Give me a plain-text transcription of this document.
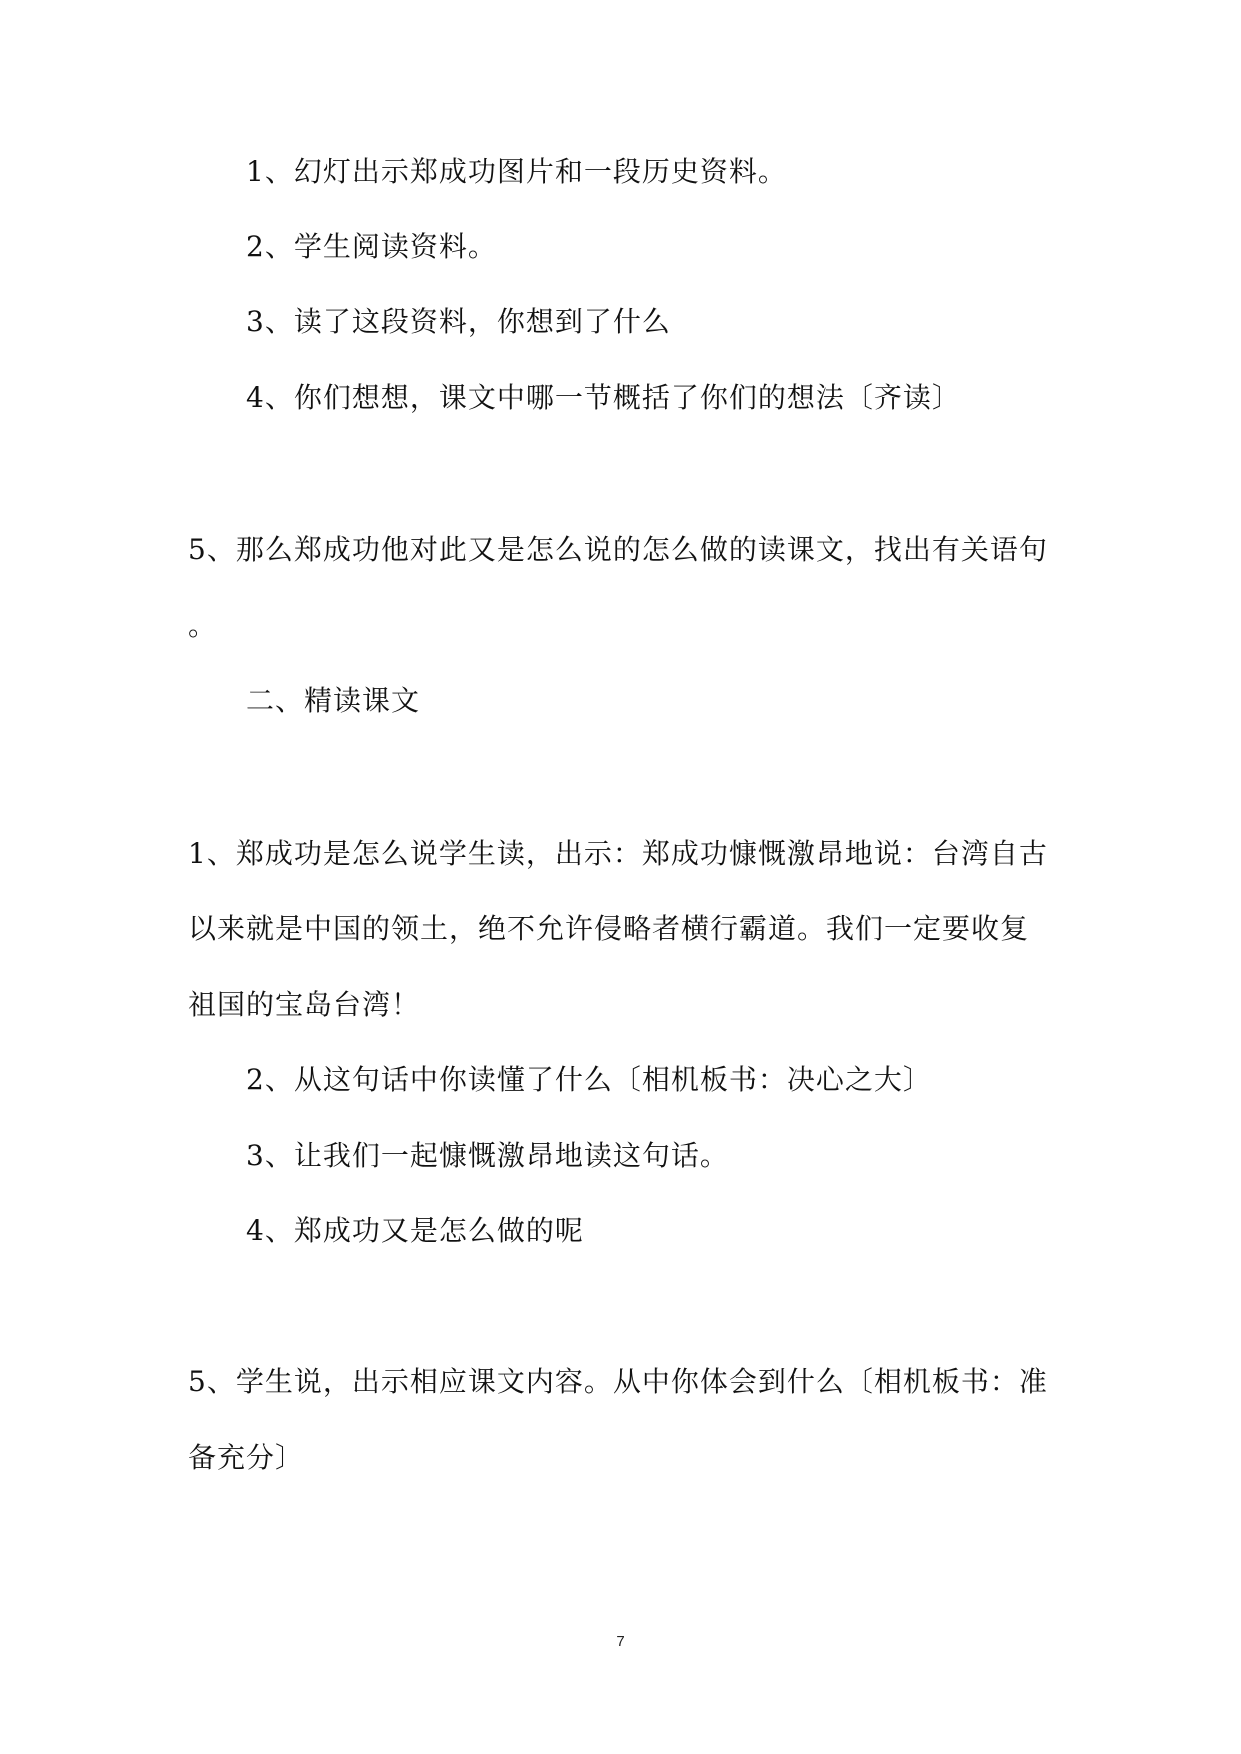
1、幻灯出示郑成功图片和一段历史资料。

2、学生阅读资料。

3、读了这段资料，你想到了什么

4、你们想想，课文中哪一节概括了你们的想法〔齐读〕

5、那么郑成功他对此又是怎么说的怎么做的读课文，找出有关语句

。

二、精读课文

1、郑成功是怎么说学生读，出示：郑成功慷慨激昂地说：台湾自古

以来就是中国的领土，绝不允许侵略者横行霸道。我们一定要收复

祖国的宝岛台湾！

2、从这句话中你读懂了什么〔相机板书：决心之大〕

3、让我们一起慷慨激昂地读这句话。

4、郑成功又是怎么做的呢

5、学生说，出示相应课文内容。从中你体会到什么〔相机板书：准

备充分〕

7
